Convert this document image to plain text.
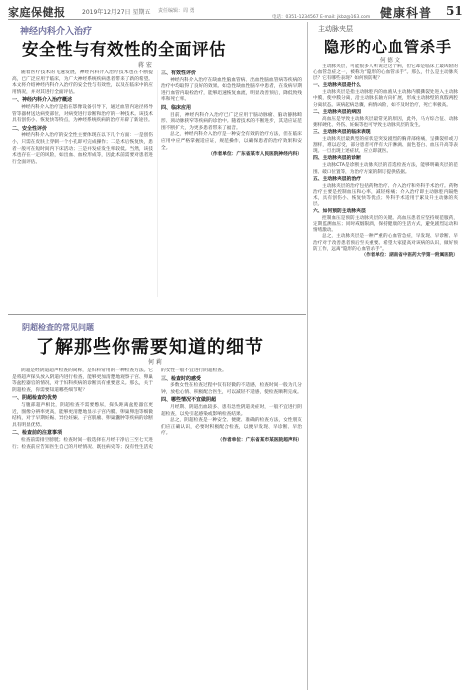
家庭保健报	2019年12月27日 星期五 责任编辑：周 勇
电话：0351-1234567 E-mail: jkbz@163.com 健康科普 51
神经内科介入治疗
安全性与有效性的全面评估
蒋 宏

随着医疗技术的飞速发展，神经内科介入治疗技术也在不断提高，已广泛应用于临床，为广大神经系统疾病患者带来了新的希望。本文将介绍神经内科介入治疗的安全性与有效性，以及在临床中的应用情况，并对其进行全面评估。

一、神经内科介入治疗概述

神经内科介入治疗是指在影像设备引导下，通过血管内途径将导管等器材送达病变部位，对病变进行诊断和治疗的一种技术。该技术具有创伤小、恢复快等特点，为神经系统疾病的治疗开辟了新途径。

二、安全性评价

神经内科介入治疗的安全性主要体现在以下几个方面：一是创伤小，只需在皮肤上穿刺一个小孔即可完成操作；二是术后恢复快，患者一般可在短时间内下床活动；三是并发症发生率较低。当然，该技术也存在一定的风险，如出血、血栓形成等，因此术前需要对患者进行全面评估。

三、有效性评价

神经内科介入治疗在缺血性脑血管病、出血性脑血管病等疾病的治疗中均取得了良好的效果。如急性缺血性脑卒中患者，在发病早期进行血管内取栓治疗，能够迅速恢复血流，明显改善预后，降低致残率和死亡率。

四、临床应用

目前，神经内科介入治疗已广泛应用于脑动脉瘤、脑动静脉畸形、颈动脉狭窄等疾病的诊治中。随着技术的不断进步，其适应证范围不断扩大，为更多患者带来了福音。

总之，神经内科介入治疗是一种安全有效的治疗方法，但在临床应用中应严格掌握适应证，规范操作，以确保患者的治疗效果和安全。

（作者单位：广东省某市人民医院神经内科）

阴超检查的常见问题
了解那些你需要知道的细节
何 莉

阴超是经阴道超声检查的简称，是妇科常用的一种检查方法。它是将超声探头放入阴道内进行检查，能够更加清楚地观察子宫、卵巢等盆腔器官的情况，对于妇科疾病的诊断具有重要意义。那么，关于阴超检查，你需要知道哪些细节呢？

一、阴超检查的优势

与腹部超声相比，阴超检查不需要憋尿，探头距离盆腔器官更近，图像分辨率更高，能够更清楚地显示子宫内膜、卵巢卵泡等细微结构，对于早期妊娠、异位妊娠、子宫肌瘤、卵巢囊肿等疾病的诊断具有明显优势。

二、检查前的注意事项

检查前需排空膀胱；检查时间一般选择在月经干净后三至七天进行；检查前应告知医生自己的月经情况、既往病史等；没有性生活史的女性一般不宜进行阴超检查。

三、检查时的感受

多数女性在检查过程中仅有轻微的不适感，检查时间一般为几分钟，放松心情、积极配合医生，可以减轻不适感，使检查顺利完成。

四、哪些情况不宜做阴超

月经期、阴道出血较多、患有急性阴道炎症时，一般不宜进行阴超检查，以免引起感染或影响检查结果。

总之，阴超检查是一种安全、便捷、准确的检查方法，女性朋友们应正确认识，必要时积极配合检查，以便早发现、早诊断、早治疗。

（作者单位：广东省某市某医院超声科）

主动脉夹层
隐形的心血管杀手
何 德 文

主动脉夹层，可能很多人听说过这个病，但它却是临床上最凶险的心血管急症之一，被称为“隐形的心血管杀手”。那么，什么是主动脉夹层？它有哪些表现？如何预防呢？

一、主动脉夹层是什么

主动脉夹层是指主动脉腔内的血液从主动脉内膜撕裂处进入主动脉中膜，使中膜分离，沿主动脉长轴方向扩展，形成主动脉壁的真假两腔分离状态。该病起病急骤，病情凶险，如不及时治疗，死亡率极高。

二、主动脉夹层的病因

高血压是导致主动脉夹层最常见的原因，此外，马方综合征、动脉粥样硬化、外伤、妊娠等也可导致主动脉夹层的发生。

三、主动脉夹层的临床表现

主动脉夹层最典型的症状是突发剧烈的胸背部疼痛，呈撕裂样或刀割样，难以忍受，部分患者可伴有大汗淋漓、面色苍白、血压升高等表现。一旦出现上述症状，应立即就医。

四、主动脉夹层的诊断

主动脉CTA是诊断主动脉夹层的首选检查方法，能够明确夹层的范围、破口位置等，为治疗方案的制订提供依据。

五、主动脉夹层的治疗

主动脉夹层的治疗包括药物治疗、介入治疗和外科手术治疗。药物治疗主要是控制血压和心率，减轻疼痛；介入治疗即主动脉腔内隔绝术，具有创伤小、恢复快等优点；外科手术适用于累及升主动脉的夹层。

六、如何预防主动脉夹层

控制血压是预防主动脉夹层的关键。高血压患者应坚持规范服药，定期监测血压；同时戒烟限酒，保持健康的生活方式，避免剧烈运动和情绪激动。

总之，主动脉夹层是一种严重的心血管急症，早发现、早诊断、早治疗对于改善患者预后至关重要。希望大家提高对该病的认识，做好预防工作，远离“隐形的心血管杀手”。

（作者单位：湖南省中医药大学第一附属医院）
